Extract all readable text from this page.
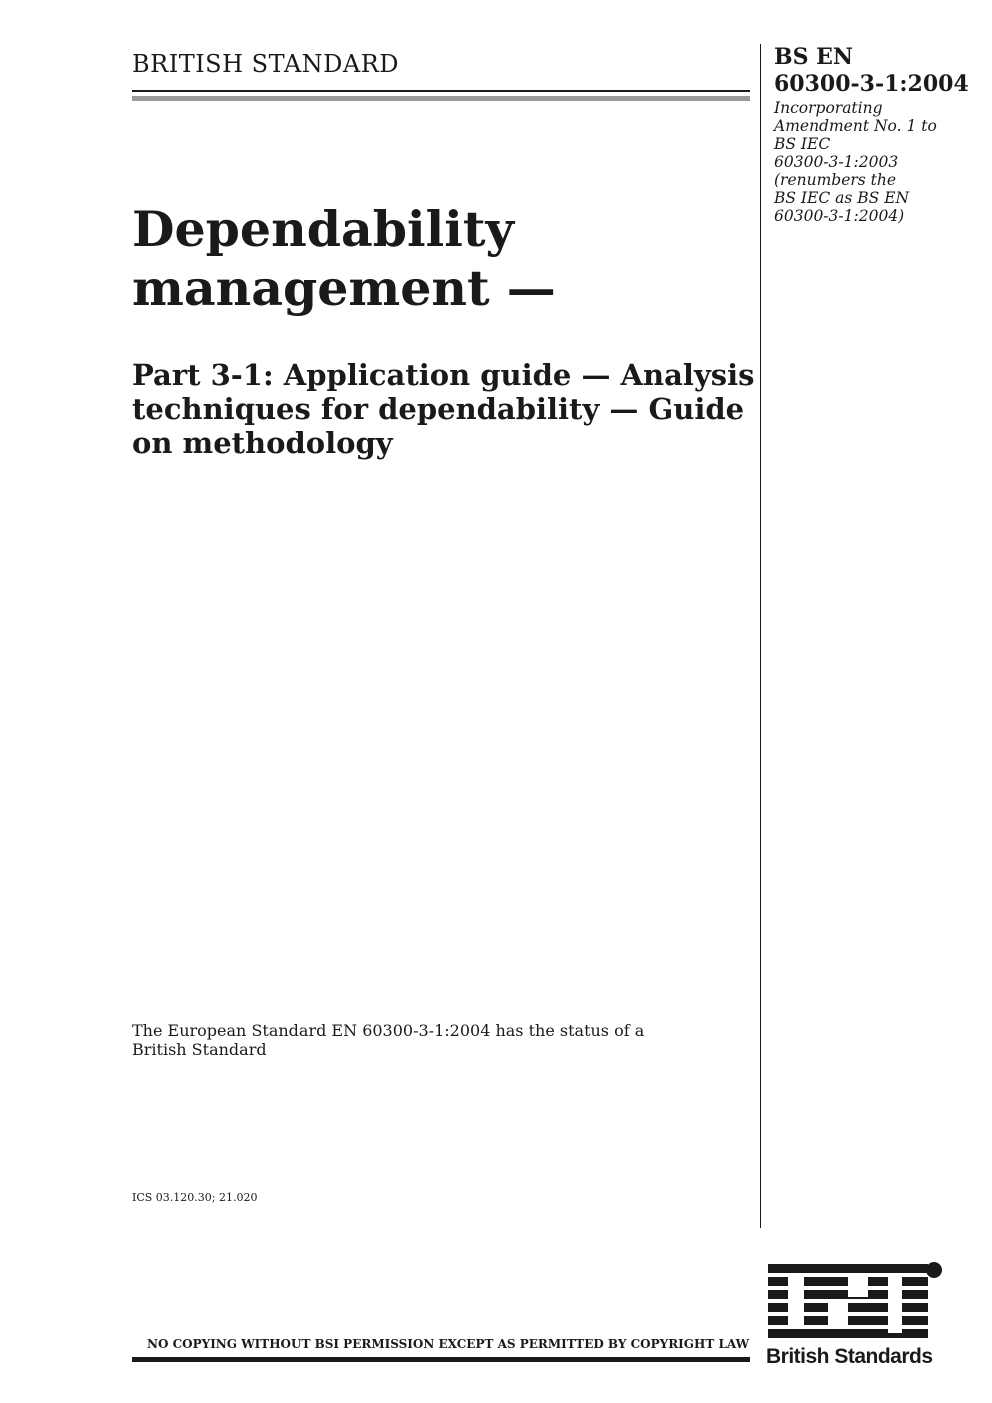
BRITISH STANDARD	BS EN
60300-3-1:2004
Incorporating
Amendment No. 1 to
BS IEC
60300-3-1:2003
(renumbers the
BS IEC as BS EN
60300-3-1:2004)
Dependability
management —
Part 3-1: Application guide — Analysis
techniques for dependability — Guide
on methodology
The European Standard EN 60300-3-1:2004 has the status of a
British Standard
ICS 03.120.30; 21.020
NO COPYING WITHOUT BSI PERMISSION EXCEPT AS PERMITTED BY COPYRIGHT LAW
British Standards
